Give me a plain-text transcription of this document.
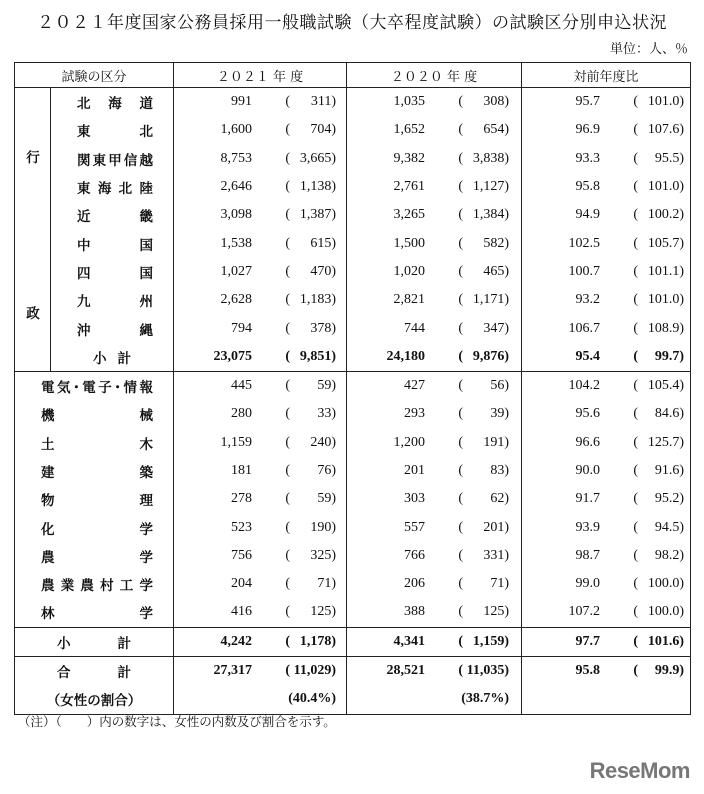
２０２１年度国家公務員採用一般職試験（大卒程度試験）の試験区分別申込状況
単位：人、％
試験の区分		２０２１ 年 度	２０２０ 年 度	対前年度比

行
政	北海道	991 ( 311)	1,035 ( 308)	95.7 ( 101.0)

	東北	1,600 ( 704)	1,652 ( 654)	96.9 ( 107.6)

	関東甲信越	8,753 ( 3,665)	9,382 ( 3,838)	93.3 ( 95.5)

	東海北陸	2,646 ( 1,138)	2,761 ( 1,127)	95.8 ( 101.0)

	近畿	3,098 ( 1,387)	3,265 ( 1,384)	94.9 ( 100.2)

	中国	1,538 ( 615)	1,500 ( 582)	102.5 ( 105.7)

	四国	1,027 ( 470)	1,020 ( 465)	100.7 ( 101.1)

	九州	2,628 ( 1,183)	2,821 ( 1,171)	93.2 ( 101.0)

	沖縄	794 ( 378)	744 ( 347)	106.7 ( 108.9)

	小計	23,075 ( 9,851)	24,180 ( 9,876)	95.4 ( 99.7)

電気･電子･情報		445 ( 59)	427 ( 56)	104.2 ( 105.4)

機械		280 ( 33)	293 ( 39)	95.6 ( 84.6)

土木		1,159 ( 240)	1,200 ( 191)	96.6 ( 125.7)

建築		181 ( 76)	201 ( 83)	90.0 ( 91.6)

物理		278 ( 59)	303 ( 62)	91.7 ( 95.2)

化学		523 ( 190)	557 ( 201)	93.9 ( 94.5)

農学		756 ( 325)	766 ( 331)	98.7 ( 98.2)

農業農村工学		204 ( 71)	206 ( 71)	99.0 ( 100.0)

林学		416 ( 125)	388 ( 125)	107.2 ( 100.0)

小計		4,242 ( 1,178)	4,341 ( 1,159)	97.7 ( 101.6)

合計		27,317 ( 11,029)	28,521 ( 11,035)	95.8 ( 99.9)

（女性の割合）		(40.4%)	(38.7%)	

（注）（　　）内の数字は、女性の内数及び割合を示す。
ReseMom
